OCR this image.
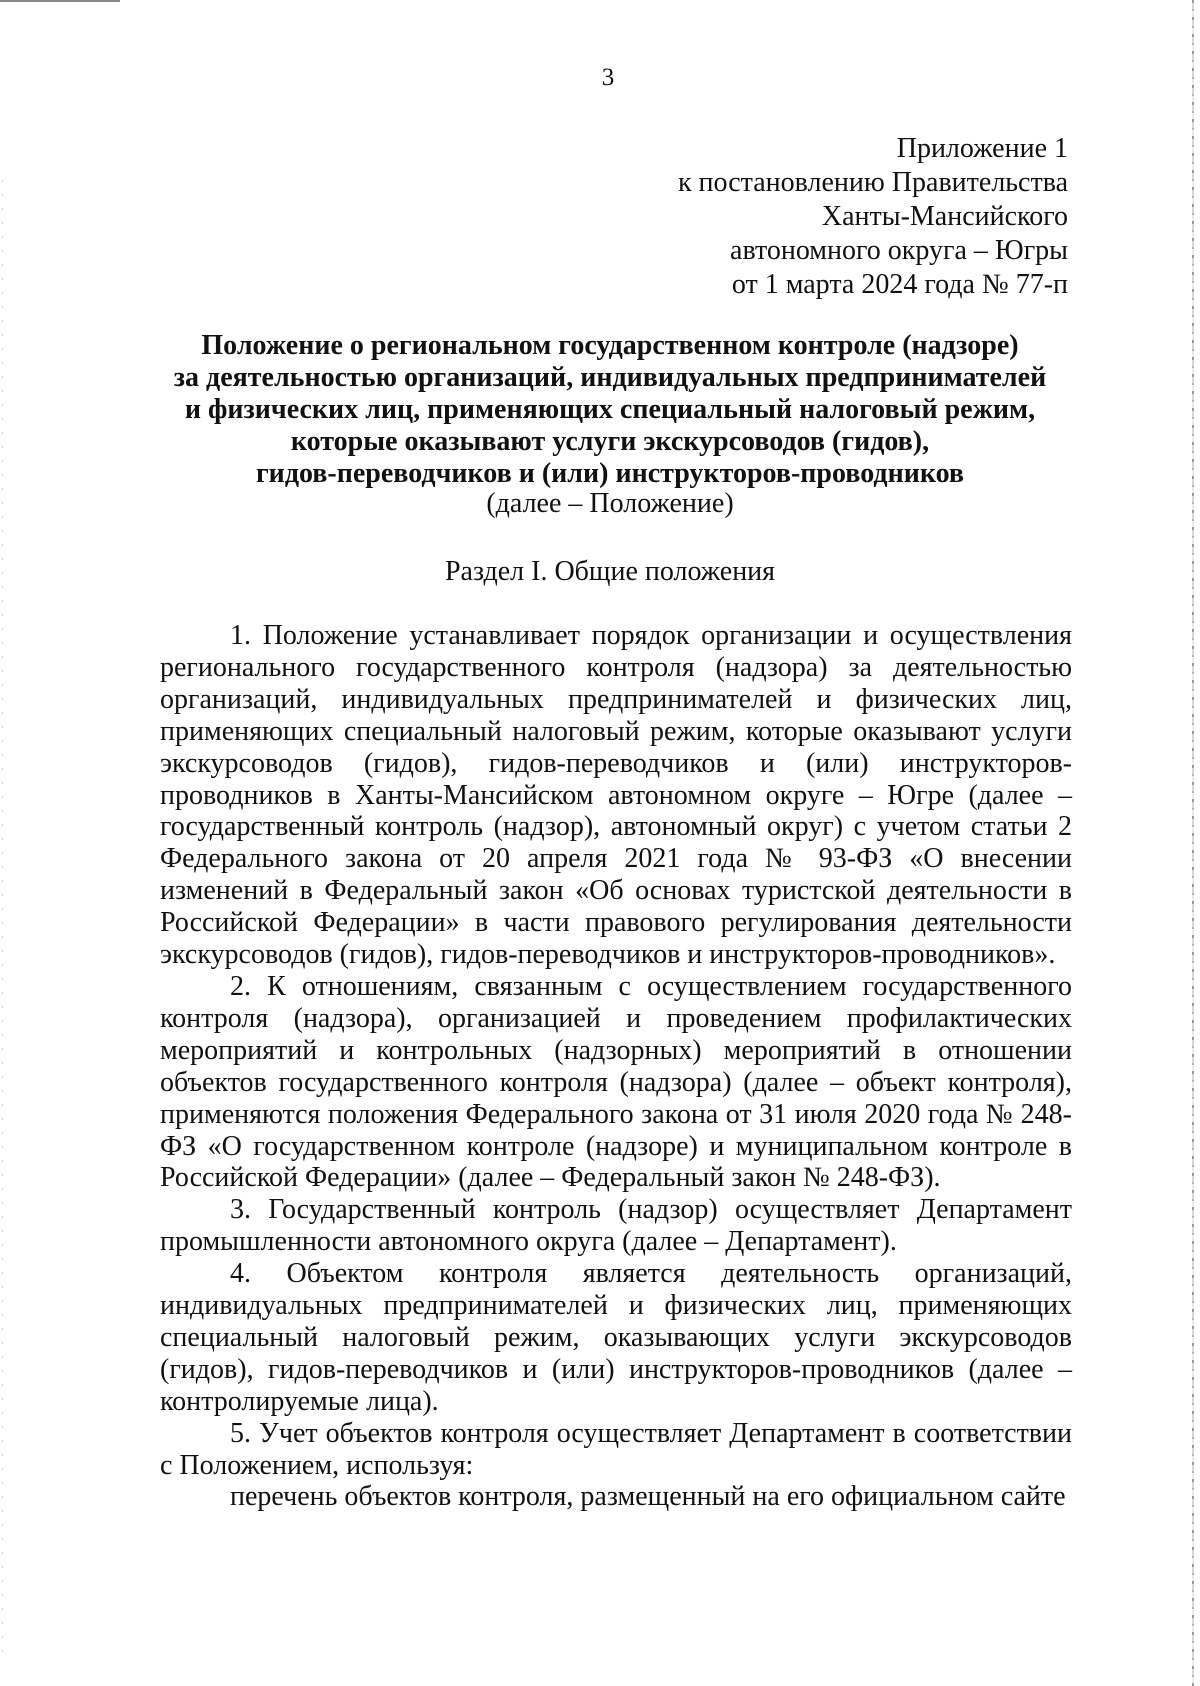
3
Приложение 1
к постановлению Правительства
Ханты-Мансийского
автономного округа – Югры
от 1 марта 2024 года № 77-п
Положение о региональном государственном контроле (надзоре)
за деятельностью организаций, индивидуальных предпринимателей
и физических лиц, применяющих специальный налоговый режим,
которые оказывают услуги экскурсоводов (гидов),
гидов-переводчиков и (или) инструкторов-проводников
(далее – Положение)
Раздел I. Общие положения

1. Положение устанавливает порядок организации и осуществления регионального государственного контроля (надзора) за деятельностью организаций, индивидуальных предпринимателей и физических лиц, применяющих специальный налоговый режим, которые оказывают услуги экскурсоводов (гидов), гидов-переводчиков и (или) инструкторов-проводников в Ханты-Мансийском автономном округе – Югре (далее – государственный контроль (надзор), автономный округ) с учетом статьи 2 Федерального закона от 20 апреля 2021 года № 93-ФЗ «О внесении изменений в Федеральный закон «Об основах туристской деятельности в Российской Федерации» в части правового регулирования деятельности экскурсоводов (гидов), гидов-переводчиков и инструкторов-проводников».

2. К отношениям, связанным с осуществлением государственного контроля (надзора), организацией и проведением профилактических мероприятий и контрольных (надзорных) мероприятий в отношении объектов государственного контроля (надзора) (далее – объект контроля), применяются положения Федерального закона от 31 июля 2020 года № 248-ФЗ «О государственном контроле (надзоре) и муниципальном контроле в Российской Федерации» (далее – Федеральный закон № 248-ФЗ).

3. Государственный контроль (надзор) осуществляет Департамент промышленности автономного округа (далее – Департамент).

4. Объектом контроля является деятельность организаций, индивидуальных предпринимателей и физических лиц, применяющих специальный налоговый режим, оказывающих услуги экскурсоводов (гидов), гидов-переводчиков и (или) инструкторов-проводников (далее – контролируемые лица).

5. Учет объектов контроля осуществляет Департамент в соответствии с Положением, используя:

перечень объектов контроля, размещенный на его официальном сайте
